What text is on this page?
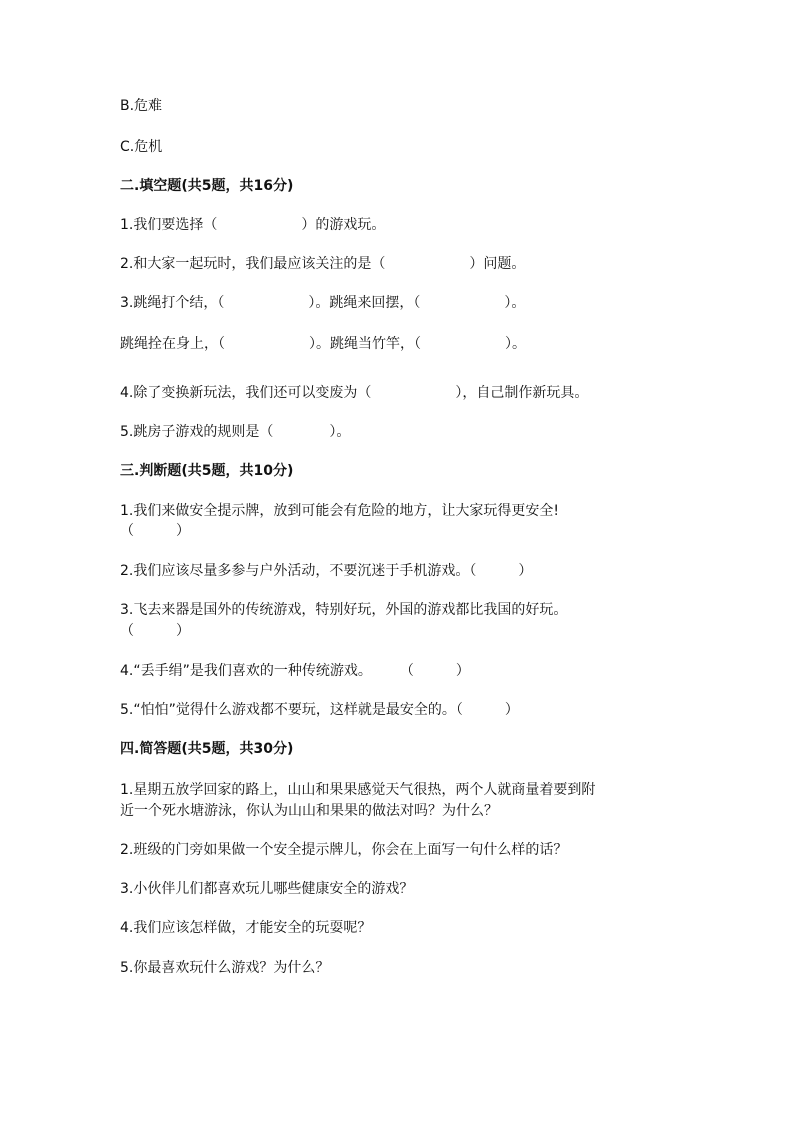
B.危难
C.危机
二.填空题(共5题，共16分)
1.我们要选择（　　　　　　）的游戏玩。
2.和大家一起玩时，我们最应该关注的是（　　　　　　）问题。
3.跳绳打个结，（　　　　　　）。跳绳来回摆，（　　　　　　）。
跳绳拴在身上，（　　　　　　）。跳绳当竹竿，（　　　　　　）。
4.除了变换新玩法，我们还可以变废为（　　　　　　），自己制作新玩具。
5.跳房子游戏的规则是（　　　　）。
三.判断题(共5题，共10分)
1.我们来做安全提示牌，放到可能会有危险的地方，让大家玩得更安全!
（　　　）
2.我们应该尽量多参与户外活动，不要沉迷于手机游戏。（　　　）
3.飞去来器是国外的传统游戏，特别好玩，外国的游戏都比我国的好玩。
（　　　）
4.“丢手绢”是我们喜欢的一种传统游戏。　　　（　　　）
5.“怕怕”觉得什么游戏都不要玩，这样就是最安全的。（　　　）
四.简答题(共5题，共30分)
1.星期五放学回家的路上，山山和果果感觉天气很热，两个人就商量着要到附
近一个死水塘游泳，你认为山山和果果的做法对吗？为什么？
2.班级的门旁如果做一个安全提示牌儿，你会在上面写一句什么样的话？
3.小伙伴儿们都喜欢玩儿哪些健康安全的游戏？
4.我们应该怎样做，才能安全的玩耍呢？
5.你最喜欢玩什么游戏？为什么？
